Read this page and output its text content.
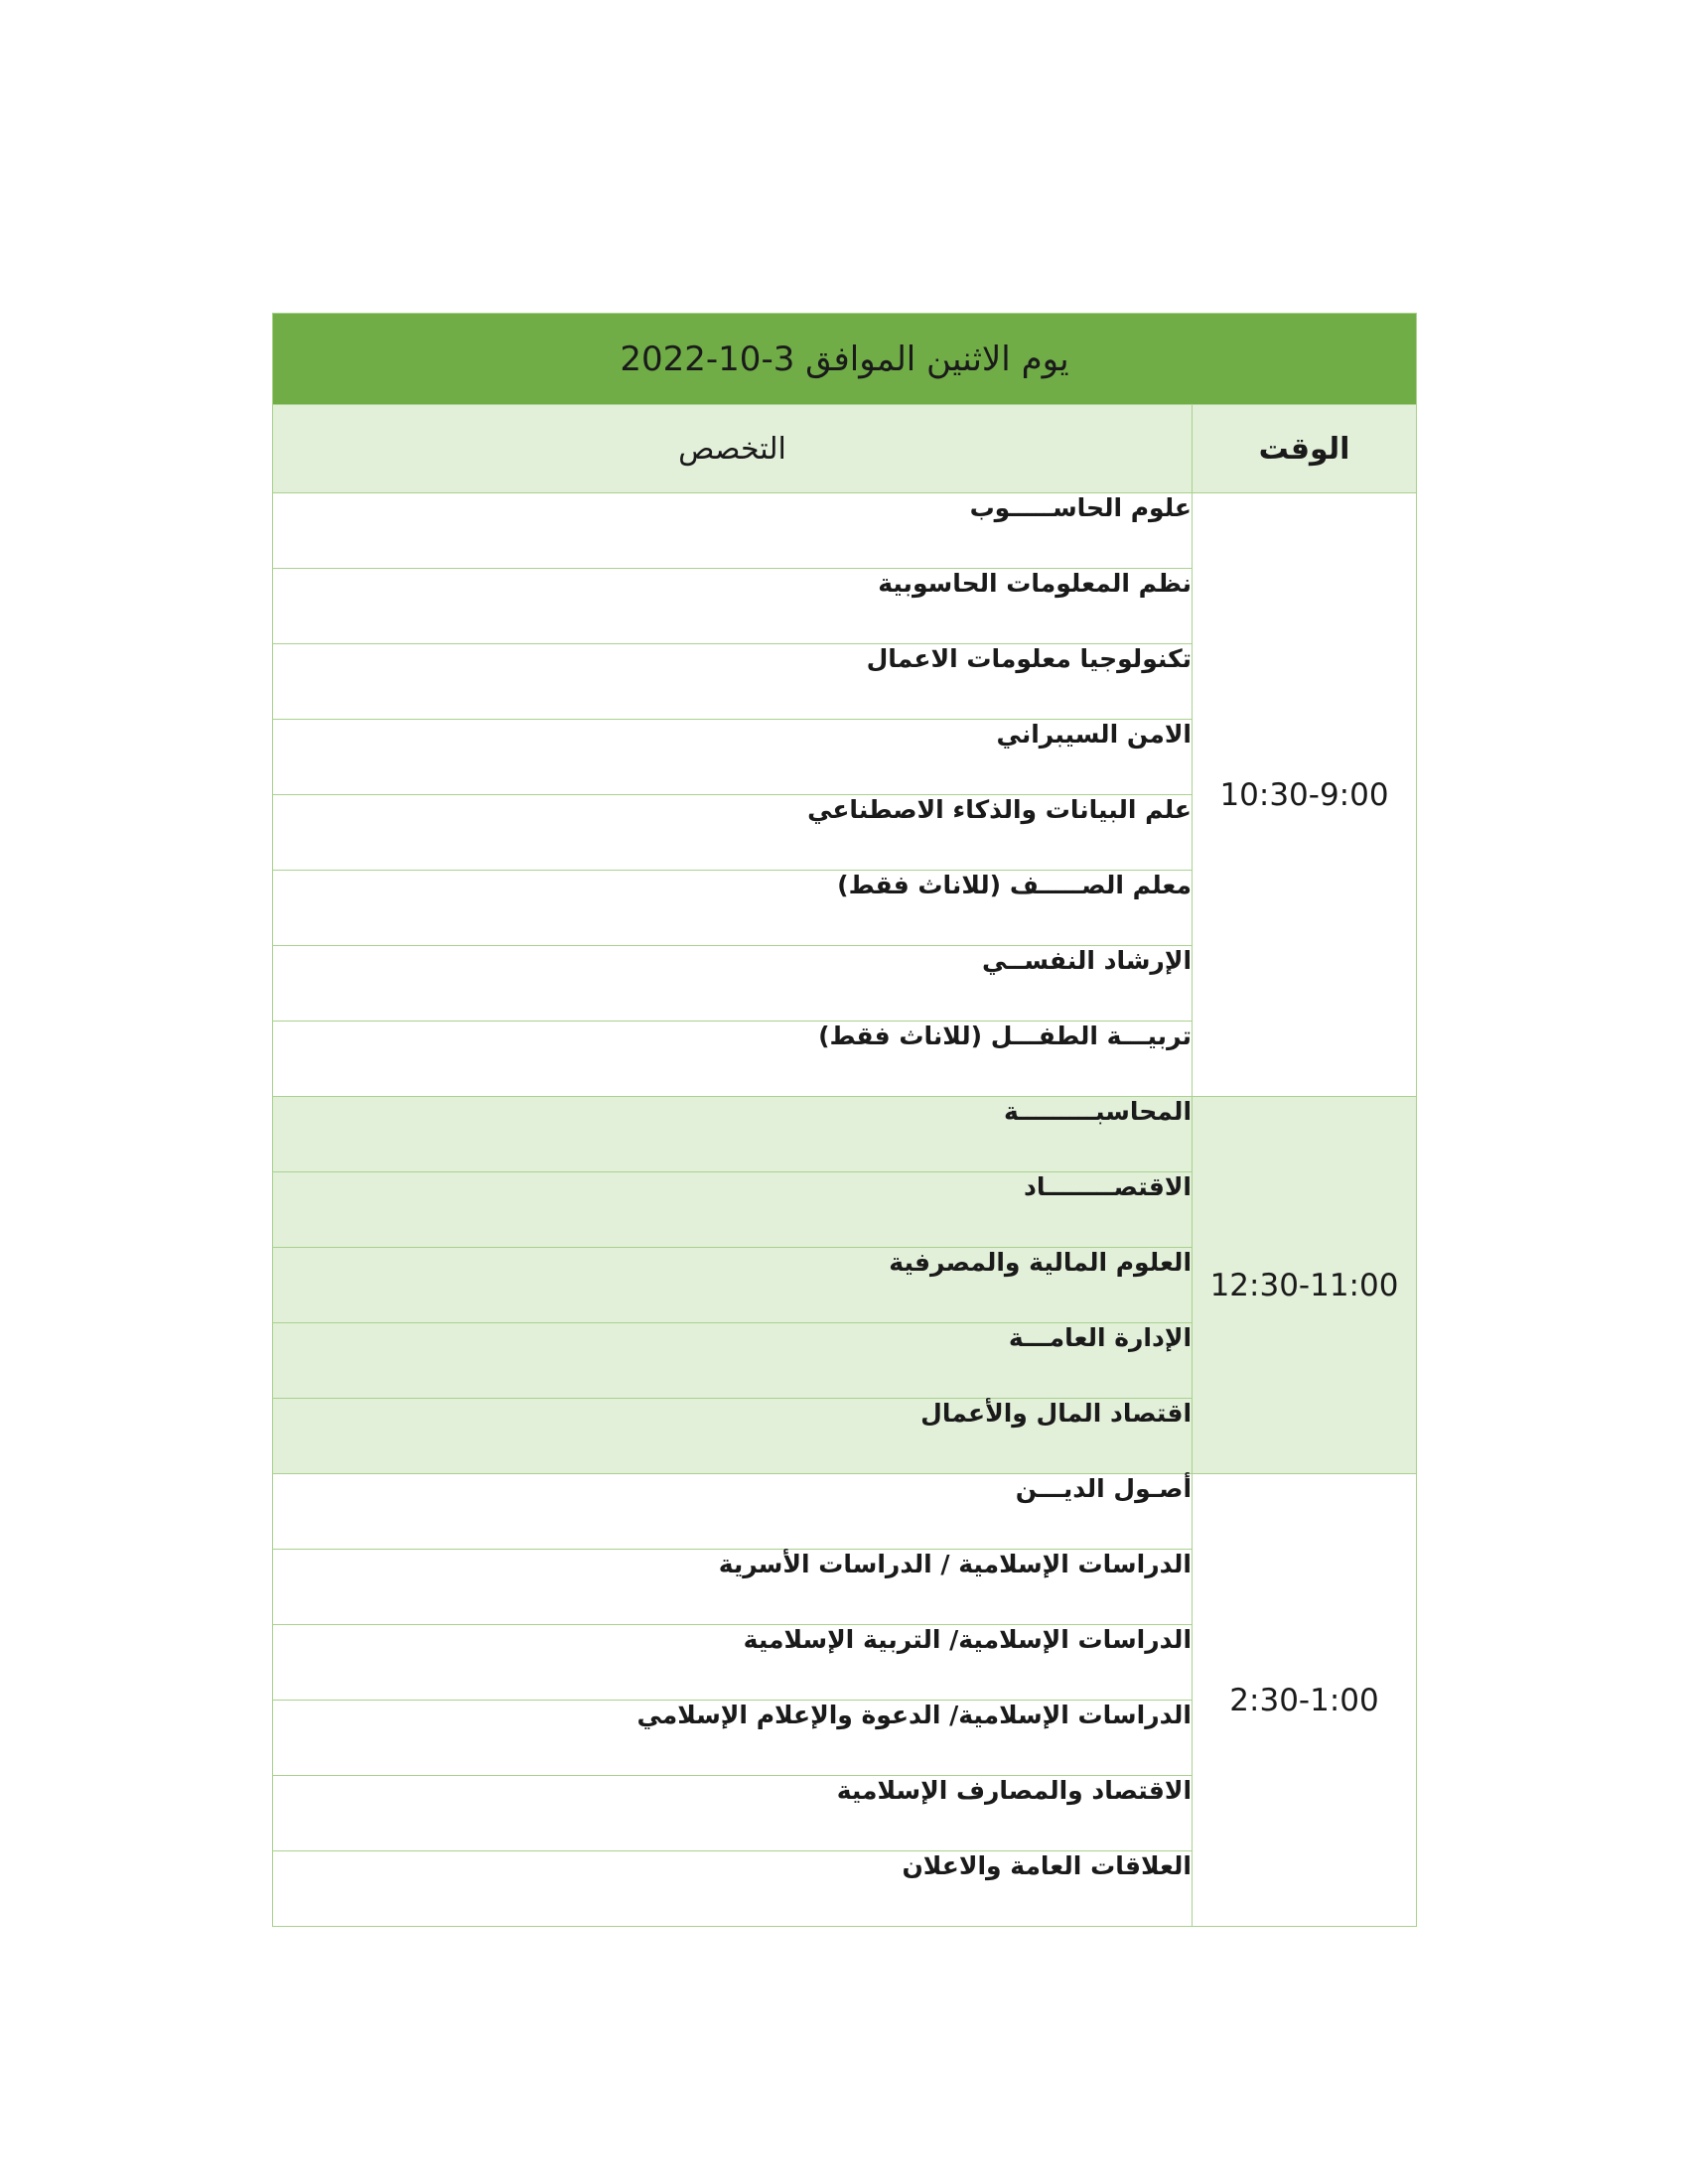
يوم الاثنين الموافق 3-10-2022	
الوقت	التخصص
10:30-9:00	علوم الحاســـــوب
	نظم المعلومات الحاسوبية
	تكنولوجيا معلومات الاعمال
	الامن السيبراني
	علم البيانات والذكاء الاصطناعي
	معلم الصـــــف (للاناث فقط)
	الإرشاد النفســي
	تربيـــة الطفـــل (للاناث فقط)
12:30-11:00	المحاسبـــــــــة
	الاقتصــــــــاد
	العلوم المالية والمصرفية
	الإدارة العامـــة
	اقتصاد المال والأعمال
2:30-1:00	أصـول الديـــن
	الدراسات الإسلامية / الدراسات الأسرية
	الدراسات الإسلامية/ التربية الإسلامية
	الدراسات الإسلامية/ الدعوة والإعلام الإسلامي
	الاقتصاد والمصارف الإسلامية
	العلاقات العامة والاعلان
